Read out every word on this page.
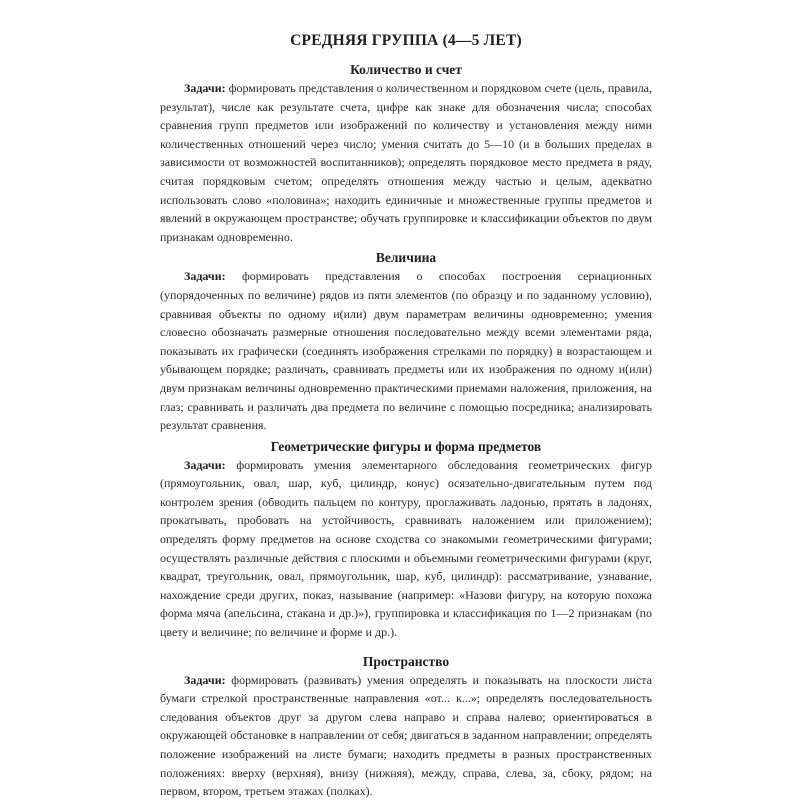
СРЕДНЯЯ ГРУППА (4—5 ЛЕТ)
Количество и счет

Задачи: формировать представления о количественном и порядковом счете (цель, правила, результат), числе как результате счета, цифре как знаке для обозначения числа; способах сравнения групп предметов или изображений по количеству и установления между ними количественных отношений через число; умения считать до 5—10 (и в больших пределах в зависимости от возможностей воспитанников); определять порядковое место предмета в ряду, считая порядковым счетом; определять отношения между частью и целым, адекватно использовать слово «половина»; находить единичные и множественные группы предметов и явлений в окружающем пространстве; обучать группировке и классификации объектов по двум признакам одновременно.

Величина

Задачи: формировать представления о способах построения сериационных (упорядоченных по величине) рядов из пяти элементов (по образцу и по заданному условию), сравнивая объекты по одному и(или) двум параметрам величины одновременно; умения словесно обозначать размерные отношения последовательно между всеми элементами ряда, показывать их графически (соединять изображения стрелками по порядку) в возрастающем и убывающем порядке; различать, сравнивать предметы или их изображения по одному и(или) двум признакам величины одновременно практическими приемами наложения, приложения, на глаз; сравнивать и различать два предмета по величине с помощью посредника; анализировать результат сравнения.

Геометрические фигуры и форма предметов

Задачи: формировать умения элементарного обследования геометрических фигур (прямоугольник, овал, шар, куб, цилиндр, конус) осязательно-двигательным путем под контролем зрения (обводить пальцем по контуру, проглаживать ладонью, прятать в ладонях, прокатывать, пробовать на устойчивость, сравнивать наложением или приложением); определять форму предметов на основе сходства со знакомыми геометрическими фигурами; осуществлять различные действия с плоскими и объемными геометрическими фигурами (круг, квадрат, треугольник, овал, прямоугольник, шар, куб, цилиндр): рассматривание, узнавание, нахождение среди других, показ, называние (например: «Назови фигуру, на которую похожа форма мяча (апельсина, стакана и др.)»), группировка и классификация по 1—2 признакам (по цвету и величине; по величине и форме и др.).

Пространство

Задачи: формировать (развивать) умения определять и показывать на плоскости листа бумаги стрелкой пространственные направления «от... к...»; определять последовательность следования объектов друг за другом слева направо и справа налево; ориентироваться в окружающей обстановке в направлении от себя; двигаться в заданном направлении; определять положение изображений на листе бумаги; находить предметы в разных пространственных положениях: вверху (верхняя), внизу (нижняя), между, справа, слева, за, сбоку, рядом; на первом, втором, третьем этажах (полках).
